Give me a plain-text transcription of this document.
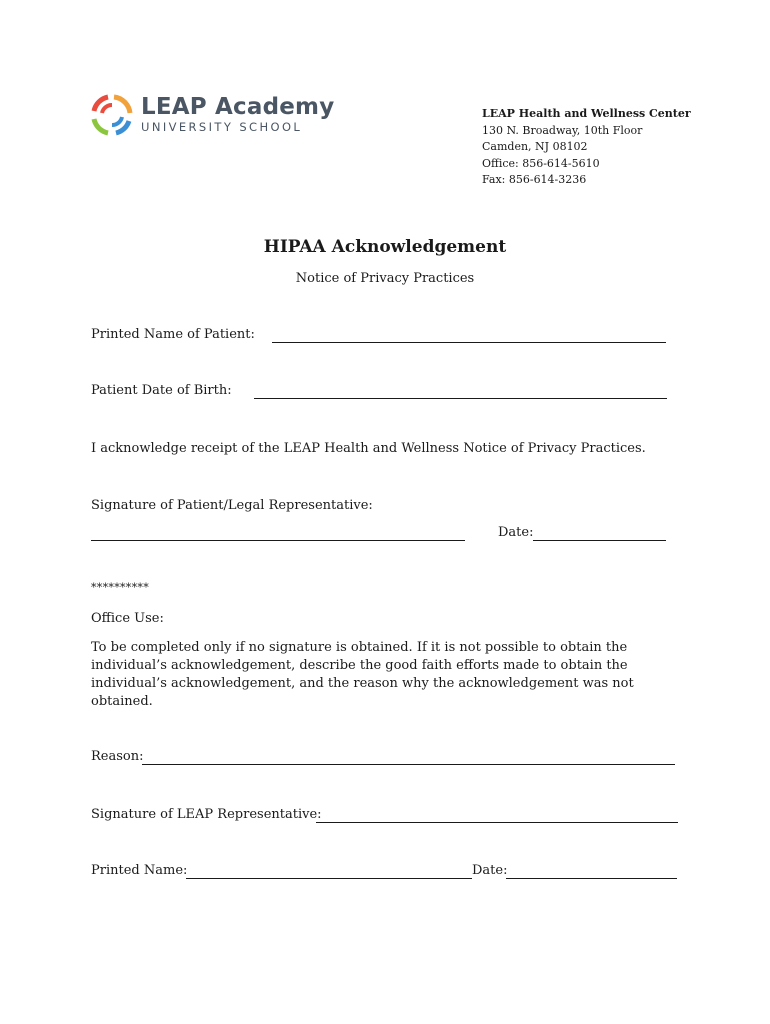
LEAP Academy
UNIVERSITY SCHOOL
LEAP Health and Wellness Center
130 N. Broadway, 10th Floor
Camden, NJ 08102
Office: 856-614-5610
Fax: 856-614-3236
HIPAA Acknowledgement
Notice of Privacy Practices
Printed Name of Patient:
Patient Date of Birth:
I acknowledge receipt of the LEAP Health and Wellness Notice of Privacy Practices.
Signature of Patient/Legal Representative:
Date:
**********
Office Use:
To be completed only if no signature is obtained. If it is not possible to obtain the individual’s acknowledgement, describe the good faith efforts made to obtain the individual’s acknowledgement, and the reason why the acknowledgement was not obtained.
Reason:
Signature of LEAP Representative:
Printed Name:	Date:
